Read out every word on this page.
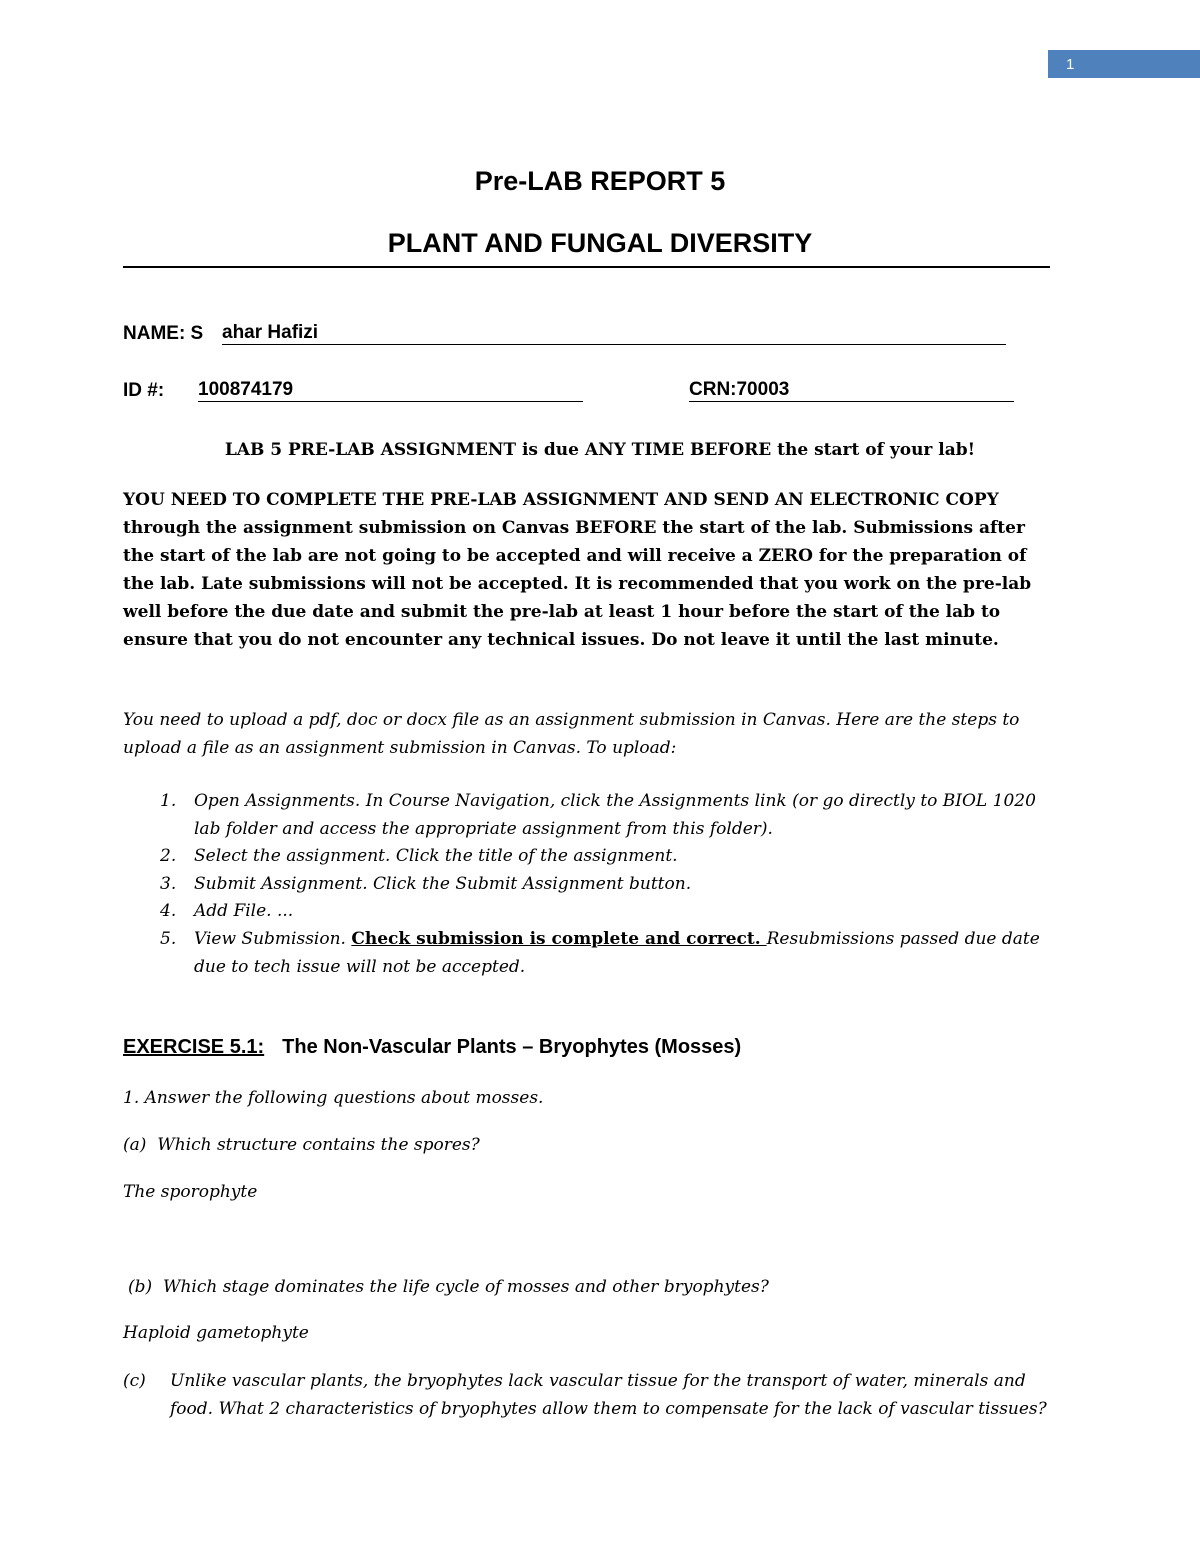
1
Pre-LAB REPORT 5
PLANT AND FUNGAL DIVERSITY
NAME: S ahar Hafizi
ID #: 100874179	CRN:70003
LAB 5 PRE-LAB ASSIGNMENT is due ANY TIME BEFORE the start of your lab!
YOU NEED TO COMPLETE THE PRE-LAB ASSIGNMENT AND SEND AN ELECTRONIC COPY through the assignment submission on Canvas BEFORE the start of the lab. Submissions after the start of the lab are not going to be accepted and will receive a ZERO for the preparation of the lab. Late submissions will not be accepted. It is recommended that you work on the pre-lab well before the due date and submit the pre-lab at least 1 hour before the start of the lab to ensure that you do not encounter any technical issues. Do not leave it until the last minute.
You need to upload a pdf, doc or docx file as an assignment submission in Canvas. Here are the steps to upload a file as an assignment submission in Canvas. To upload:
1. Open Assignments. In Course Navigation, click the Assignments link (or go directly to BIOL 1020 lab folder and access the appropriate assignment from this folder).
2. Select the assignment. Click the title of the assignment.
3. Submit Assignment. Click the Submit Assignment button.
4. Add File. ...
5. View Submission. Check submission is complete and correct. Resubmissions passed due date due to tech issue will not be accepted.
EXERCISE 5.1: The Non-Vascular Plants – Bryophytes (Mosses)
1. Answer the following questions about mosses.
(a) Which structure contains the spores?
The sporophyte
(b) Which stage dominates the life cycle of mosses and other bryophytes?
Haploid gametophyte
(c)	Unlike vascular plants, the bryophytes lack vascular tissue for the transport of water, minerals and food. What 2 characteristics of bryophytes allow them to compensate for the lack of vascular tissues?
